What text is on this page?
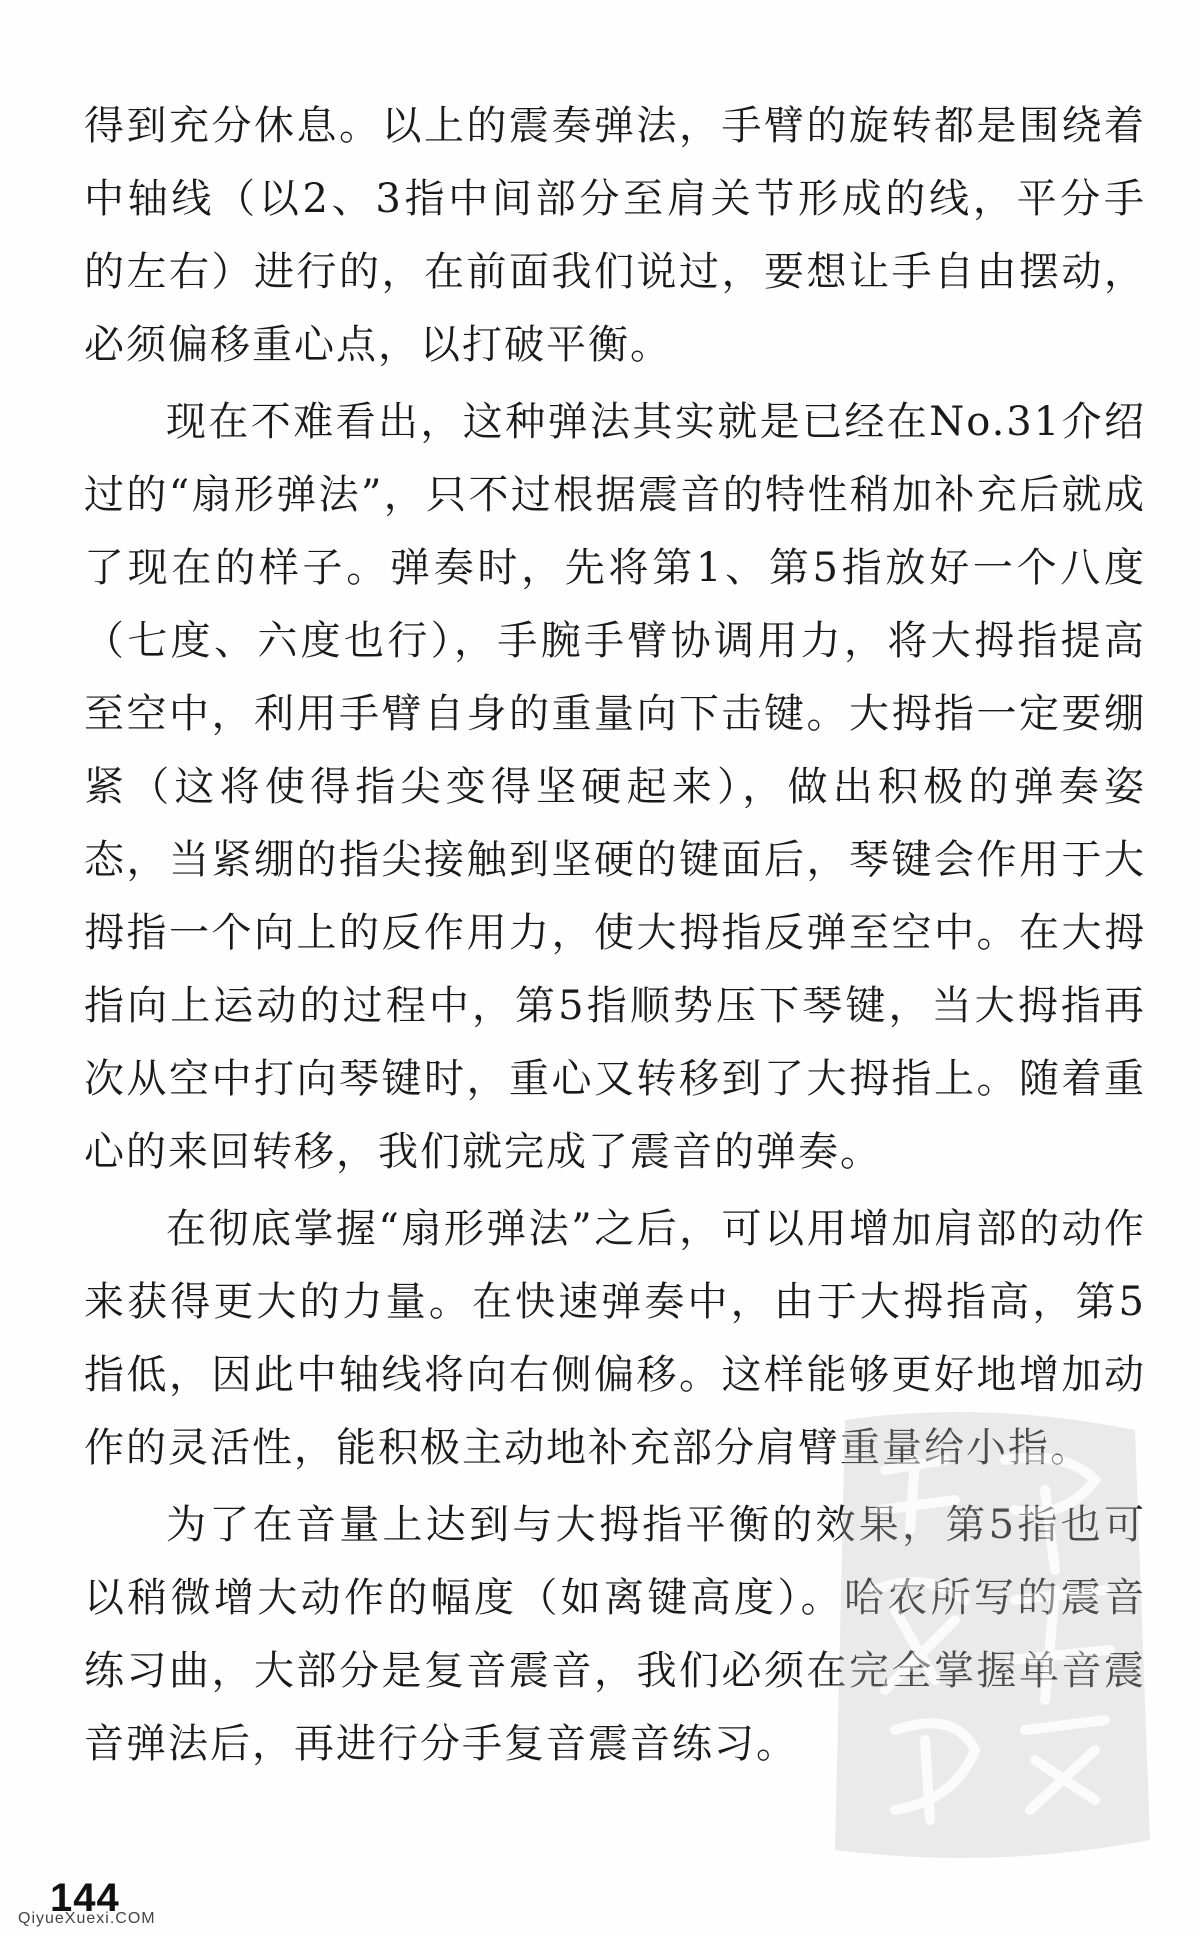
得到充分休息。以上的震奏弹法，手臂的旋转都是围绕着中轴线（以2、3指中间部分至肩关节形成的线，平分手的左右）进行的，在前面我们说过，要想让手自由摆动，必须偏移重心点，以打破平衡。

现在不难看出，这种弹法其实就是已经在No.31介绍过的“扇形弹法”，只不过根据震音的特性稍加补充后就成了现在的样子。弹奏时，先将第1、第5指放好一个八度（七度、六度也行），手腕手臂协调用力，将大拇指提高至空中，利用手臂自身的重量向下击键。大拇指一定要绷紧（这将使得指尖变得坚硬起来），做出积极的弹奏姿态，当紧绷的指尖接触到坚硬的键面后，琴键会作用于大拇指一个向上的反作用力，使大拇指反弹至空中。在大拇指向上运动的过程中，第5指顺势压下琴键，当大拇指再次从空中打向琴键时，重心又转移到了大拇指上。随着重心的来回转移，我们就完成了震音的弹奏。

在彻底掌握“扇形弹法”之后，可以用增加肩部的动作来获得更大的力量。在快速弹奏中，由于大拇指高，第5指低，因此中轴线将向右侧偏移。这样能够更好地增加动作的灵活性，能积极主动地补充部分肩臂重量给小指。

为了在音量上达到与大拇指平衡的效果，第5指也可以稍微增大动作的幅度（如离键高度）。哈农所写的震音练习曲，大部分是复音震音，我们必须在完全掌握单音震音弹法后，再进行分手复音震音练习。

144
QiyueXuexi.COM
